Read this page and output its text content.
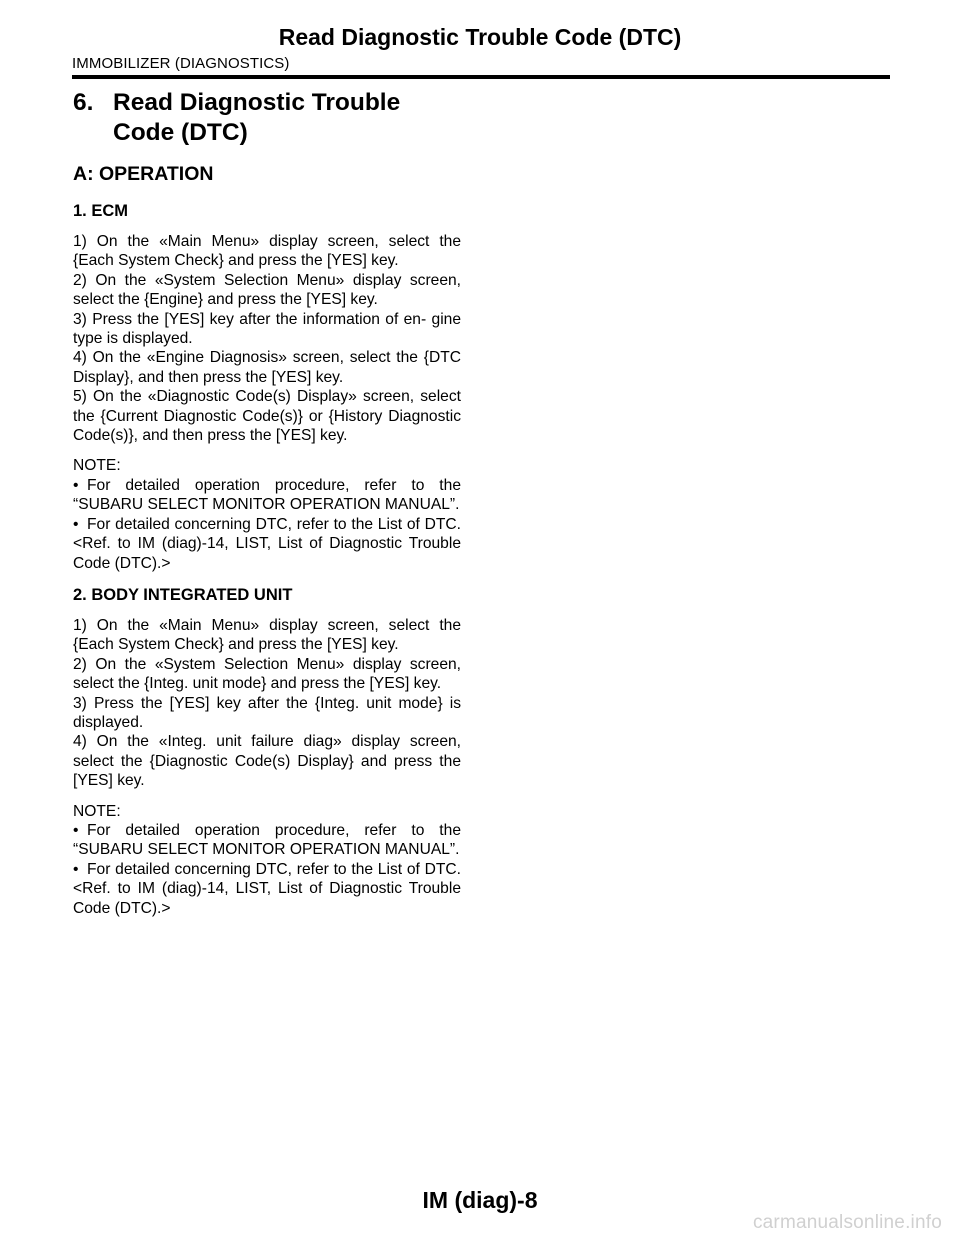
Read Diagnostic Trouble Code (DTC)
IMMOBILIZER (DIAGNOSTICS)
6. Read Diagnostic Trouble
Code (DTC)
A: OPERATION
1. ECM

1) On the «Main Menu» display screen, select the {Each System Check} and press the [YES] key.

2) On the «System Selection Menu» display screen, select the {Engine} and press the [YES] key.

3) Press the [YES] key after the information of en- gine type is displayed.

4) On the «Engine Diagnosis» screen, select the {DTC Display}, and then press the [YES] key.

5) On the «Diagnostic Code(s) Display» screen, select the {Current Diagnostic Code(s)} or {History Diagnostic Code(s)}, and then press the [YES] key.

NOTE:
• For detailed operation procedure, refer to the “SUBARU SELECT MONITOR OPERATION MANUAL”.
• For detailed concerning DTC, refer to the List of DTC. <Ref. to IM (diag)-14, LIST, List of Diagnostic Trouble Code (DTC).>
2. BODY INTEGRATED UNIT

1) On the «Main Menu» display screen, select the {Each System Check} and press the [YES] key.

2) On the «System Selection Menu» display screen, select the {Integ. unit mode} and press the [YES] key.

3) Press the [YES] key after the {Integ. unit mode} is displayed.

4) On the «Integ. unit failure diag» display screen, select the {Diagnostic Code(s) Display} and press the [YES] key.

NOTE:
• For detailed operation procedure, refer to the “SUBARU SELECT MONITOR OPERATION MANUAL”.
• For detailed concerning DTC, refer to the List of DTC. <Ref. to IM (diag)-14, LIST, List of Diagnostic Trouble Code (DTC).>
IM (diag)-8
carmanualsonline.info
